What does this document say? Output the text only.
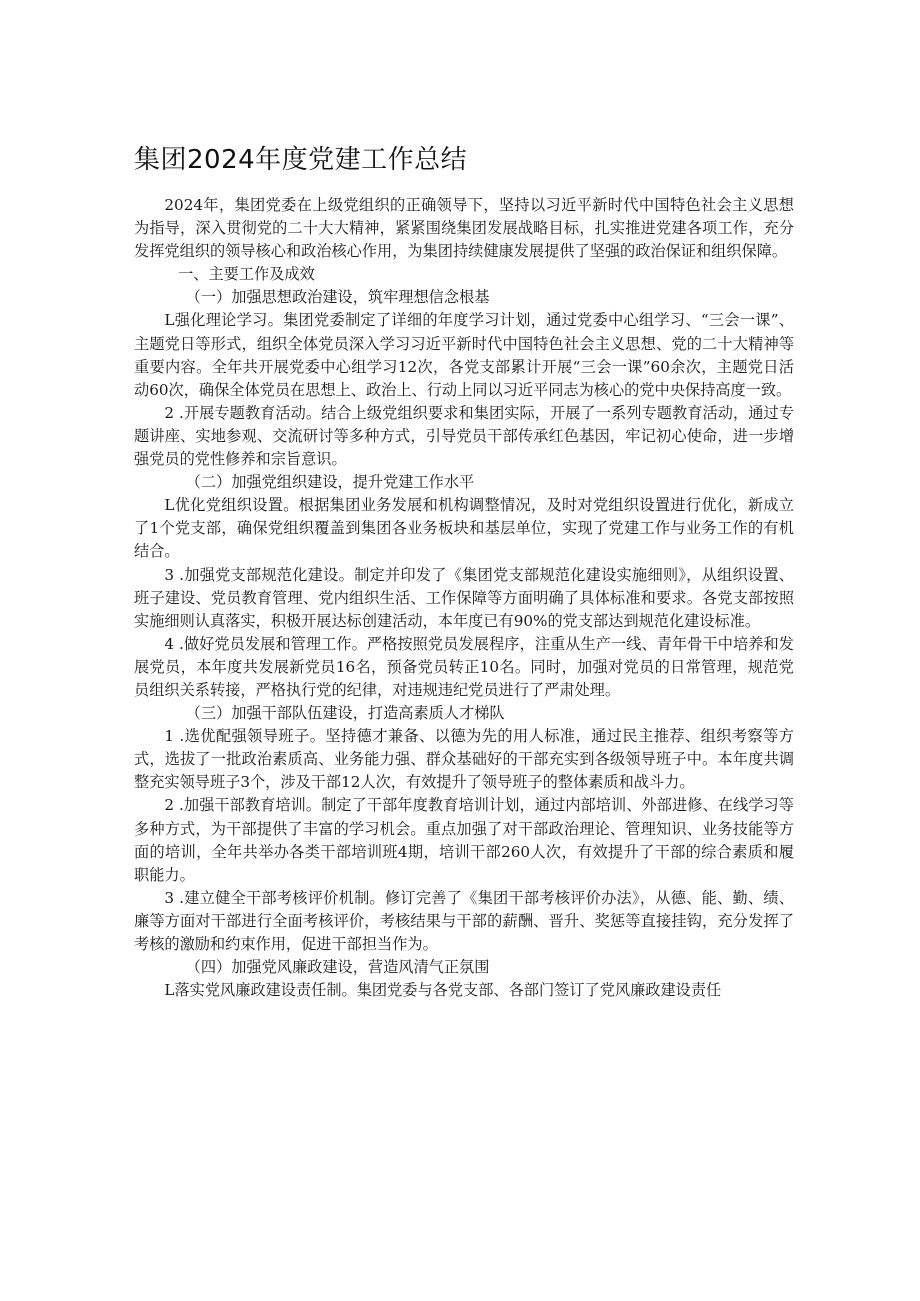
集团2024年度党建工作总结

2024年，集团党委在上级党组织的正确领导下，坚持以习近平新时代中国特色社会主义思想为指导，深入贯彻党的二十大大精神，紧紧围绕集团发展战略目标，扎实推进党建各项工作，充分发挥党组织的领导核心和政治核心作用，为集团持续健康发展提供了坚强的政治保证和组织保障。

一、主要工作及成效

（一）加强思想政治建设，筑牢理想信念根基

L强化理论学习。集团党委制定了详细的年度学习计划，通过党委中心组学习、“三会一课”、主题党日等形式，组织全体党员深入学习习近平新时代中国特色社会主义思想、党的二十大精神等重要内容。全年共开展党委中心组学习12次，各党支部累计开展“三会一课”60余次，主题党日活动60次，确保全体党员在思想上、政治上、行动上同以习近平同志为核心的党中央保持高度一致。

2 .开展专题教育活动。结合上级党组织要求和集团实际，开展了一系列专题教育活动，通过专题讲座、实地参观、交流研讨等多种方式，引导党员干部传承红色基因，牢记初心使命，进一步增强党员的党性修养和宗旨意识。

（二）加强党组织建设，提升党建工作水平

L优化党组织设置。根据集团业务发展和机构调整情况，及时对党组织设置进行优化，新成立了1个党支部，确保党组织覆盖到集团各业务板块和基层单位，实现了党建工作与业务工作的有机结合。

3 .加强党支部规范化建设。制定并印发了《集团党支部规范化建设实施细则》，从组织设置、班子建设、党员教育管理、党内组织生活、工作保障等方面明确了具体标准和要求。各党支部按照实施细则认真落实，积极开展达标创建活动，本年度已有90%的党支部达到规范化建设标准。

4 .做好党员发展和管理工作。严格按照党员发展程序，注重从生产一线、青年骨干中培养和发展党员，本年度共发展新党员16名，预备党员转正10名。同时，加强对党员的日常管理，规范党员组织关系转接，严格执行党的纪律，对违规违纪党员进行了严肃处理。

（三）加强干部队伍建设，打造高素质人才梯队

1 .选优配强领导班子。坚持德才兼备、以德为先的用人标准，通过民主推荐、组织考察等方式，选拔了一批政治素质高、业务能力强、群众基础好的干部充实到各级领导班子中。本年度共调整充实领导班子3个，涉及干部12人次，有效提升了领导班子的整体素质和战斗力。

2 .加强干部教育培训。制定了干部年度教育培训计划，通过内部培训、外部进修、在线学习等多种方式，为干部提供了丰富的学习机会。重点加强了对干部政治理论、管理知识、业务技能等方面的培训，全年共举办各类干部培训班4期，培训干部260人次，有效提升了干部的综合素质和履职能力。

3 .建立健全干部考核评价机制。修订完善了《集团干部考核评价办法》，从德、能、勤、绩、廉等方面对干部进行全面考核评价，考核结果与干部的薪酬、晋升、奖惩等直接挂钩，充分发挥了考核的激励和约束作用，促进干部担当作为。

（四）加强党风廉政建设，营造风清气正氛围

L落实党风廉政建设责任制。集团党委与各党支部、各部门签订了党风廉政建设责任
